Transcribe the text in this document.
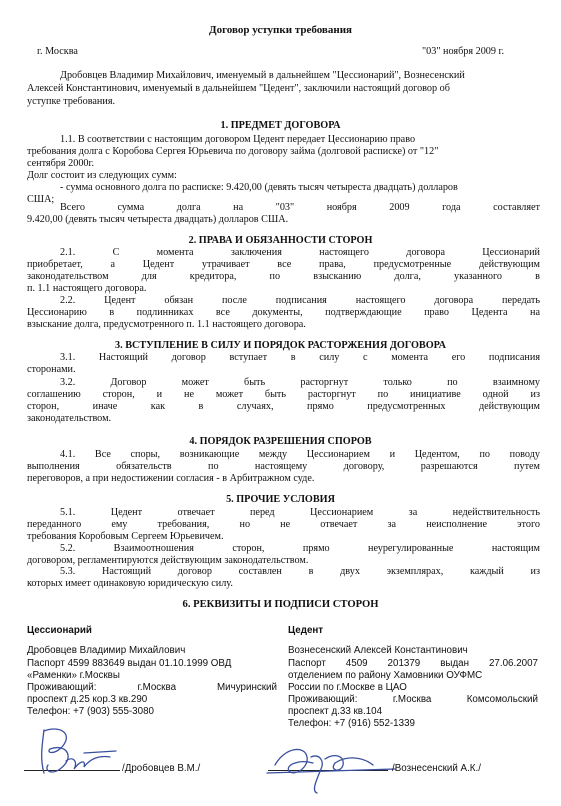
Договор уступки требования
г. Москва	"03" ноября 2009 г.
Дробовцев Владимир Михайлович, именуемый в дальнейшем "Цессионарий", Вознесенский
Алексей Константинович, именуемый в дальнейшем "Цедент", заключили настоящий договор об
уступке требования.
1. ПРЕДМЕТ ДОГОВОРА
1.1. В соответствии с настоящим договором Цедент передает Цессионарию право
требования долга с Коробова Сергея Юрьевича по договору займа (долговой расписке) от "12"
сентября 2000г.
Долг состоит из следующих сумм:
- сумма основного долга по расписке: 9.420,00 (девять тысяч четыреста двадцать) долларов
США;
Всего сумма долга на "03" ноября 2009 года составляет
9.420,00 (девять тысяч четыреста двадцать) долларов США.
2. ПРАВА И ОБЯЗАННОСТИ СТОРОН
2.1. С момента заключения настоящего договора Цессионарий
приобретает, а Цедент утрачивает все права, предусмотренные действующим
законодательством для кредитора, по взысканию долга, указанного в
п. 1.1 настоящего договора.
2.2. Цедент обязан после подписания настоящего договора передать
Цессионарию в подлинниках все документы, подтверждающие право Цедента на
взыскание долга, предусмотренного п. 1.1 настоящего договора.
3. ВСТУПЛЕНИЕ В СИЛУ И ПОРЯДОК РАСТОРЖЕНИЯ ДОГОВОРА
3.1. Настоящий договор вступает в силу с момента его подписания
сторонами.
3.2. Договор может быть расторгнут только по взаимному
соглашению сторон, и не может быть расторгнут по инициативе одной из
сторон, иначе как в случаях, прямо предусмотренных действующим
законодательством.
4. ПОРЯДОК РАЗРЕШЕНИЯ СПОРОВ
4.1. Все споры, возникающие между Цессионарием и Цедентом, по поводу
выполнения обязательств по настоящему договору, разрешаются путем
переговоров, а при недостижении согласия - в Арбитражном суде.
5. ПРОЧИЕ УСЛОВИЯ
5.1. Цедент отвечает перед Цессионарием за недействительность
переданного ему требования, но не отвечает за неисполнение этого
требования Коробовым Сергеем Юрьевичем.
5.2. Взаимоотношения сторон, прямо неурегулированные настоящим
договором, регламентируются действующим законодательством.
5.3. Настоящий договор составлен в двух экземплярах, каждый из
которых имеет одинаковую юридическую силу.
6. РЕКВИЗИТЫ И ПОДПИСИ СТОРОН
Цессионарий
Дробовцев Владимир Михайлович
Паспорт 4599 883649 выдан 01.10.1999 ОВД
«Раменки» г.Москвы
Проживающий: г.Москва Мичуринский
проспект д.25 кор.3 кв.290
Телефон: +7 (903) 555-3080
Цедент
Вознесенский Алексей Константинович
Паспорт 4509 201379 выдан 27.06.2007
отделением по району Хамовники ОУФМС
России по г.Москве в ЦАО
Проживающий: г.Москва Комсомольский
проспект д.33 кв.104
Телефон: +7 (916) 552-1339
/Дробовцев В.М./	/Вознесенский А.К./
